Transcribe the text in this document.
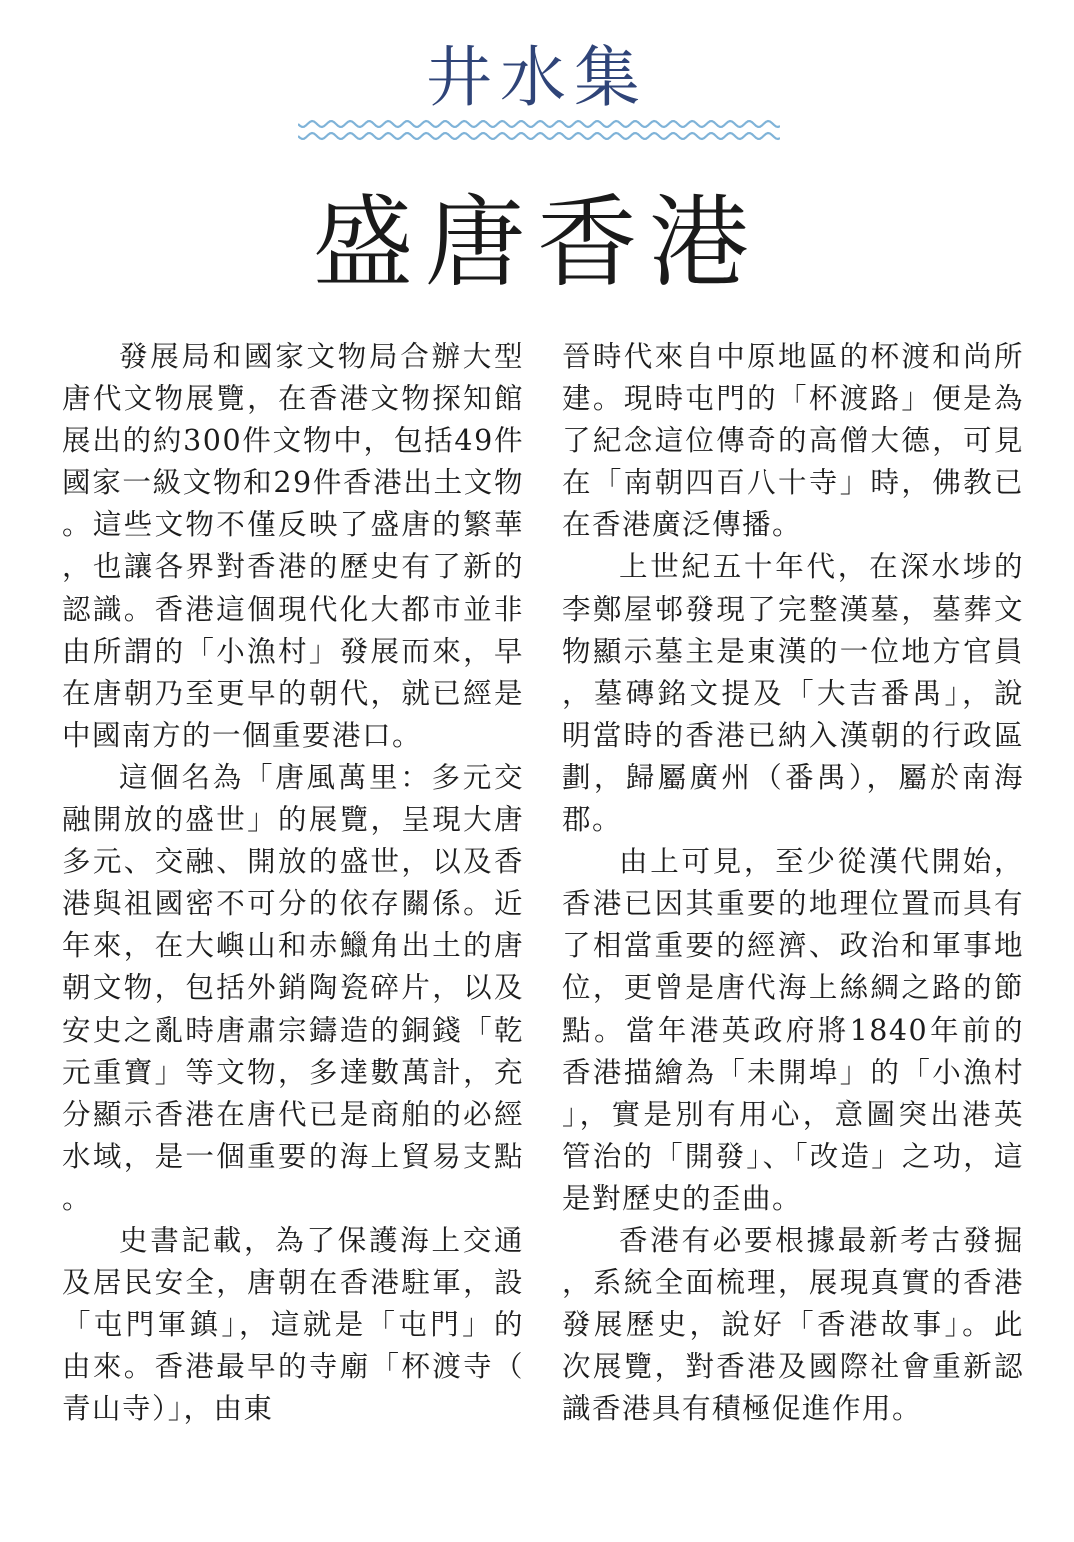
井水集
盛唐香港

發展局和國家文物局合辦大型唐代文物展覽，在香港文物探知館展出的約300件文物中，包括49件國家一級文物和29件香港出土文物。這些文物不僅反映了盛唐的繁華，也讓各界對香港的歷史有了新的認識。香港這個現代化大都市並非由所謂的「小漁村」發展而來，早在唐朝乃至更早的朝代，就已經是中國南方的一個重要港口。

這個名為「唐風萬里：多元交融開放的盛世」的展覽，呈現大唐多元、交融、開放的盛世，以及香港與祖國密不可分的依存關係。近年來，在大嶼山和赤鱲角出土的唐朝文物，包括外銷陶瓷碎片，以及安史之亂時唐肅宗鑄造的銅錢「乾元重寶」等文物，多達數萬計，充分顯示香港在唐代已是商舶的必經水域，是一個重要的海上貿易支點。

史書記載，為了保護海上交通及居民安全，唐朝在香港駐軍，設「屯門軍鎮」，這就是「屯門」的由來。香港最早的寺廟「杯渡寺（青山寺）」，由東

晉時代來自中原地區的杯渡和尚所建。現時屯門的「杯渡路」便是為了紀念這位傳奇的高僧大德，可見在「南朝四百八十寺」時，佛教已在香港廣泛傳播。

上世紀五十年代，在深水埗的李鄭屋邨發現了完整漢墓，墓葬文物顯示墓主是東漢的一位地方官員，墓磚銘文提及「大吉番禺」，說明當時的香港已納入漢朝的行政區劃，歸屬廣州（番禺），屬於南海郡。

由上可見，至少從漢代開始，香港已因其重要的地理位置而具有了相當重要的經濟、政治和軍事地位，更曾是唐代海上絲綢之路的節點。當年港英政府將1840年前的香港描繪為「未開埠」的「小漁村」，實是別有用心，意圖突出港英管治的「開發」、「改造」之功，這是對歷史的歪曲。

香港有必要根據最新考古發掘，系統全面梳理，展現真實的香港發展歷史，說好「香港故事」。此次展覽，對香港及國際社會重新認識香港具有積極促進作用。
